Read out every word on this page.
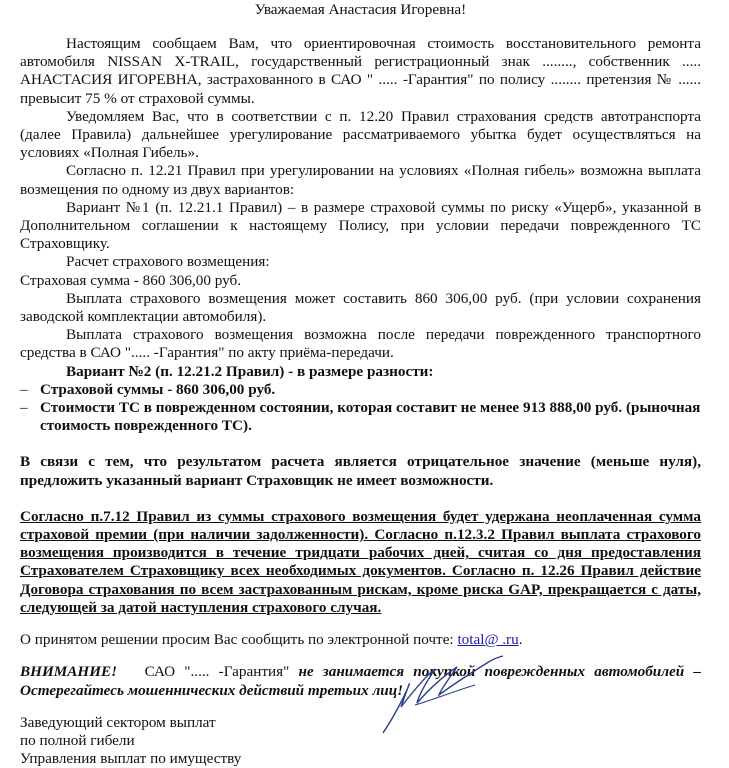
Уважаемая Анастасия Игоревна!

Настоящим сообщаем Вам, что ориентировочная стоимость восстановительного ремонта автомобиля NISSAN X-TRAIL, государственный регистрационный знак ........, собственник ..... АНАСТАСИЯ ИГОРЕВНА, застрахованного в САО " ..... -Гарантия" по полису ........ претензия № ...... превысит 75 % от страховой суммы.

Уведомляем Вас, что в соответствии с п. 12.20 Правил страхования средств автотранспорта (далее Правила) дальнейшее урегулирование рассматриваемого убытка будет осуществляться на условиях «Полная Гибель».

Согласно п. 12.21 Правил при урегулировании на условиях «Полная гибель» возможна выплата возмещения по одному из двух вариантов:

Вариант №1 (п. 12.21.1 Правил) – в размере страховой суммы по риску «Ущерб», указанной в Дополнительном соглашении к настоящему Полису, при условии передачи поврежденного ТС Страховщику.

Расчет страхового возмещения:

Страховая сумма - 860 306,00 руб.

Выплата страхового возмещения может составить 860 306,00 руб. (при условии сохранения заводской комплектации автомобиля).

Выплата страхового возмещения возможна после передачи поврежденного транспортного средства в САО "..... -Гарантия" по акту приёма-передачи.

Вариант №2 (п. 12.21.2 Правил) - в размере разности:

– Страховой суммы - 860 306,00 руб.
– Стоимости ТС в поврежденном состоянии, которая составит не менее 913 888,00 руб. (рыночная стоимость поврежденного ТС).

В связи с тем, что результатом расчета является отрицательное значение (меньше нуля), предложить указанный вариант Страховщик не имеет возможности.

Согласно п.7.12 Правил из суммы страхового возмещения будет удержана неоплаченная сумма страховой премии (при наличии задолженности). Согласно п.12.3.2 Правил выплата страхового возмещения производится в течение тридцати рабочих дней, считая со дня предоставления Страхователем Страховщику всех необходимых документов. Согласно п. 12.26 Правил действие Договора страхования по всем застрахованным рискам, кроме риска GAP, прекращается с даты, следующей за датой наступления страхового случая.

О принятом решении просим Вас сообщить по электронной почте: total@ .ru.

ВНИМАНИЕ! САО "..... -Гарантия" не занимается покупкой поврежденных автомобилей – Остерегайтесь мошеннических действий третьих лиц!

Заведующий сектором выплат

по полной гибели

Управления выплат по имуществу
